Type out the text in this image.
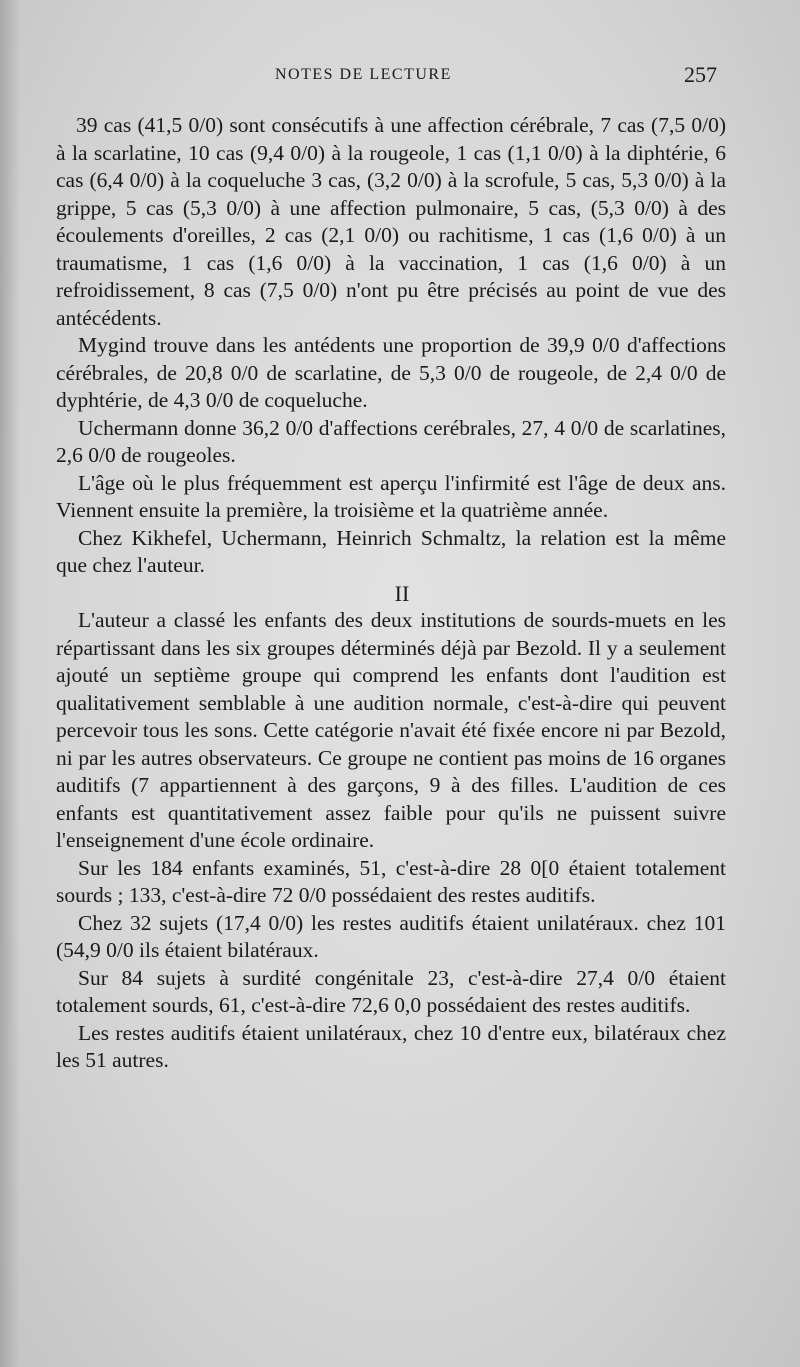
NOTES DE LECTURE	257

39 cas (41,5 0/0) sont consécutifs à une affection cérébrale, 7 cas (7,5 0/0) à la scarlatine, 10 cas (9,4 0/0) à la rougeole, 1 cas (1,1 0/0) à la diphtérie, 6 cas (6,4 0/0) à la coqueluche 3 cas, (3,2 0/0) à la scrofule, 5 cas, 5,3 0/0) à la grippe, 5 cas (5,3 0/0) à une affection pulmonaire, 5 cas, (5,3 0/0) à des écoulements d'oreilles, 2 cas (2,1 0/0) ou rachitisme, 1 cas (1,6 0/0) à un traumatisme, 1 cas (1,6 0/0) à la vaccination, 1 cas (1,6 0/0) à un refroidissement, 8 cas (7,5 0/0) n'ont pu être précisés au point de vue des antécédents.

Mygind trouve dans les antédents une proportion de 39,9 0/0 d'affections cérébrales, de 20,8 0/0 de scarlatine, de 5,3 0/0 de rougeole, de 2,4 0/0 de dyphtérie, de 4,3 0/0 de coqueluche.

Uchermann donne 36,2 0/0 d'affections cerébrales, 27, 4 0/0 de scarlatines, 2,6 0/0 de rougeoles.

L'âge où le plus fréquemment est aperçu l'infirmité est l'âge de deux ans. Viennent ensuite la première, la troisième et la quatrième année.

Chez Kikhefel, Uchermann, Heinrich Schmaltz, la relation est la même que chez l'auteur.

II

L'auteur a classé les enfants des deux institutions de sourds-muets en les répartissant dans les six groupes déterminés déjà par Bezold. Il y a seulement ajouté un septième groupe qui comprend les enfants dont l'audition est qualitativement semblable à une audition normale, c'est-à-dire qui peuvent percevoir tous les sons. Cette catégorie n'avait été fixée encore ni par Bezold, ni par les autres observateurs. Ce groupe ne contient pas moins de 16 organes auditifs (7 appartiennent à des garçons, 9 à des filles. L'audition de ces enfants est quantitativement assez faible pour qu'ils ne puissent suivre l'enseignement d'une école ordinaire.

Sur les 184 enfants examinés, 51, c'est-à-dire 28 0[0 étaient totalement sourds ; 133, c'est-à-dire 72 0/0 possédaient des restes auditifs.

Chez 32 sujets (17,4 0/0) les restes auditifs étaient unilatéraux. chez 101 (54,9 0/0 ils étaient bilatéraux.

Sur 84 sujets à surdité congénitale 23, c'est-à-dire 27,4 0/0 étaient totalement sourds, 61, c'est-à-dire 72,6 0,0 possédaient des restes auditifs.

Les restes auditifs étaient unilatéraux, chez 10 d'entre eux, bilatéraux chez les 51 autres.
